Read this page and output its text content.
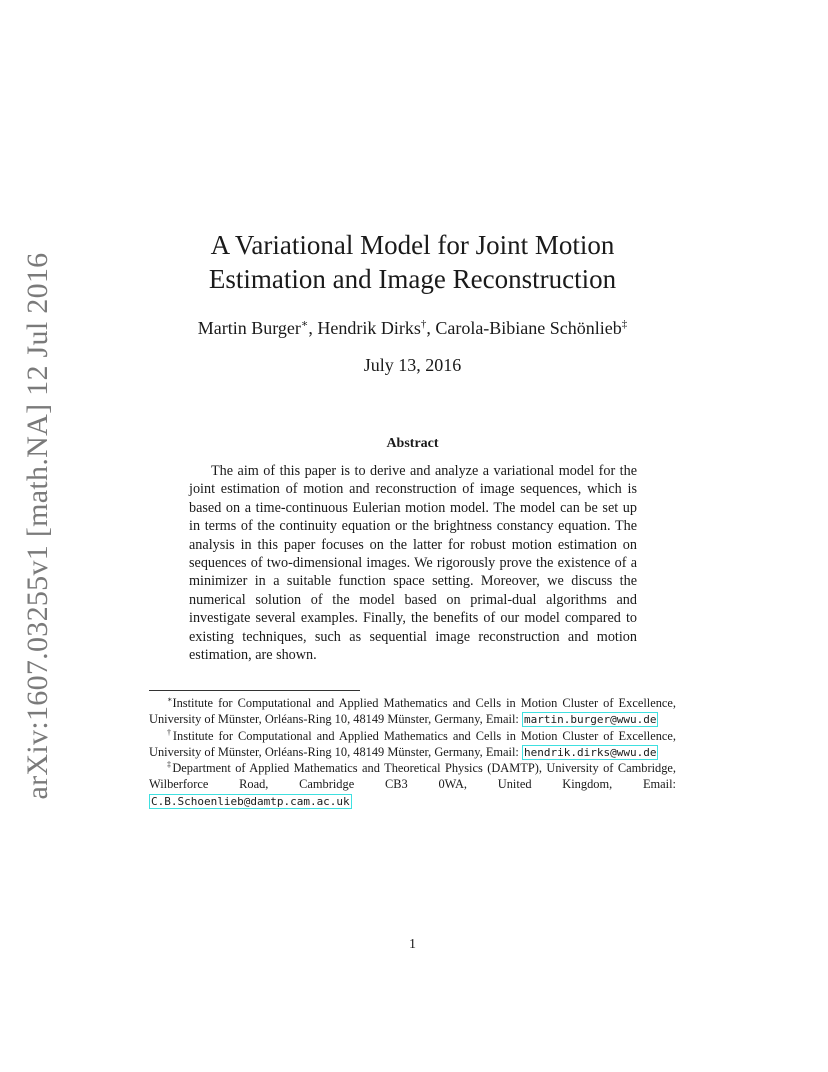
arXiv:1607.03255v1 [math.NA] 12 Jul 2016
A Variational Model for Joint Motion
Estimation and Image Reconstruction
Martin Burger∗, Hendrik Dirks†, Carola-Bibiane Schönlieb‡
July 13, 2016
Abstract

The aim of this paper is to derive and analyze a variational model for the joint estimation of motion and reconstruction of image sequences, which is based on a time-continuous Eulerian motion model. The model can be set up in terms of the continuity equation or the brightness constancy equation. The analysis in this paper focuses on the latter for robust motion estimation on sequences of two-dimensional images. We rigorously prove the existence of a minimizer in a suitable function space setting. Moreover, we discuss the numerical solution of the model based on primal-dual algorithms and investigate several examples. Finally, the benefits of our model compared to existing techniques, such as sequential image reconstruction and motion estimation, are shown.

∗Institute for Computational and Applied Mathematics and Cells in Motion Cluster of Excellence, University of Münster, Orléans-Ring 10, 48149 Münster, Germany, Email: martin.burger@wwu.de

†Institute for Computational and Applied Mathematics and Cells in Motion Cluster of Excellence, University of Münster, Orléans-Ring 10, 48149 Münster, Germany, Email: hendrik.dirks@wwu.de

‡Department of Applied Mathematics and Theoretical Physics (DAMTP), University of Cambridge, Wilberforce Road, Cambridge CB3 0WA, United Kingdom, Email: C.B.Schoenlieb@damtp.cam.ac.uk

1
